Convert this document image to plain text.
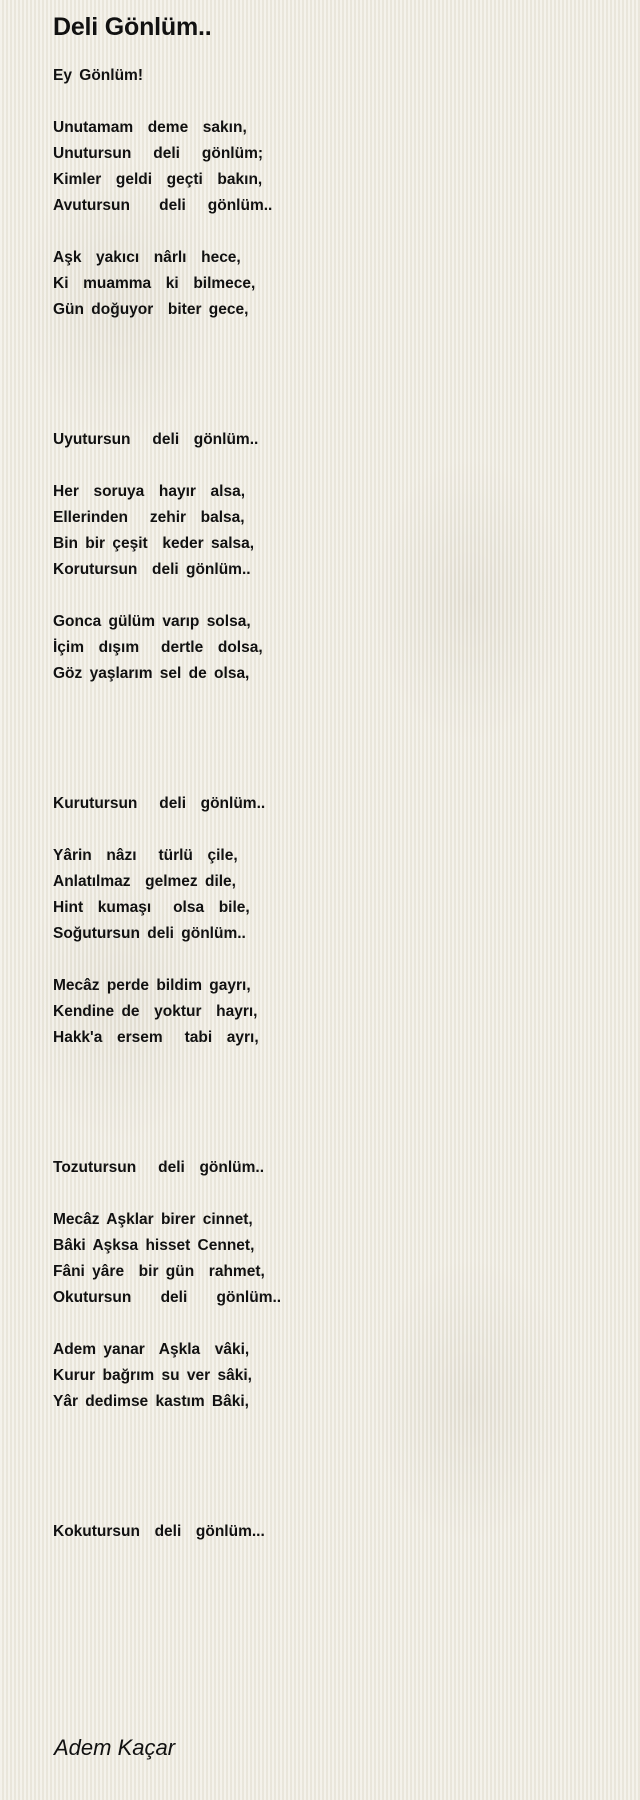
Deli Gönlüm..
Ey Gönlüm!
Unutamam  deme  sakın,
Unutursun   deli   gönlüm;
Kimler  geldi  geçti  bakın,
Avutursun    deli   gönlüm..
Aşk  yakıcı  nârlı  hece,
Ki  muamma  ki  bilmece,
Gün doğuyor  biter gece,
Uyutursun   deli  gönlüm..
Her  soruya  hayır  alsa,
Ellerinden   zehir  balsa,
Bin bir çeşit  keder salsa,
Korutursun  deli gönlüm..
Gonca gülüm varıp solsa,
İçim  dışım   dertle  dolsa,
Göz yaşlarım sel de olsa,
Kurutursun   deli  gönlüm..
Yârin  nâzı   türlü  çile,
Anlatılmaz  gelmez dile,
Hint  kumaşı   olsa  bile,
Soğutursun deli gönlüm..
Mecâz perde bildim gayrı,
Kendine de  yoktur  hayrı,
Hakk'a  ersem   tabi  ayrı,
Tozutursun   deli  gönlüm..
Mecâz Aşklar birer cinnet,
Bâki Aşksa hisset Cennet,
Fâni yâre  bir gün  rahmet,
Okutursun    deli    gönlüm..
Adem yanar  Aşkla  vâki,
Kurur bağrım su ver sâki,
Yâr dedimse kastım Bâki,
Kokutursun  deli  gönlüm...
Adem Kaçar
